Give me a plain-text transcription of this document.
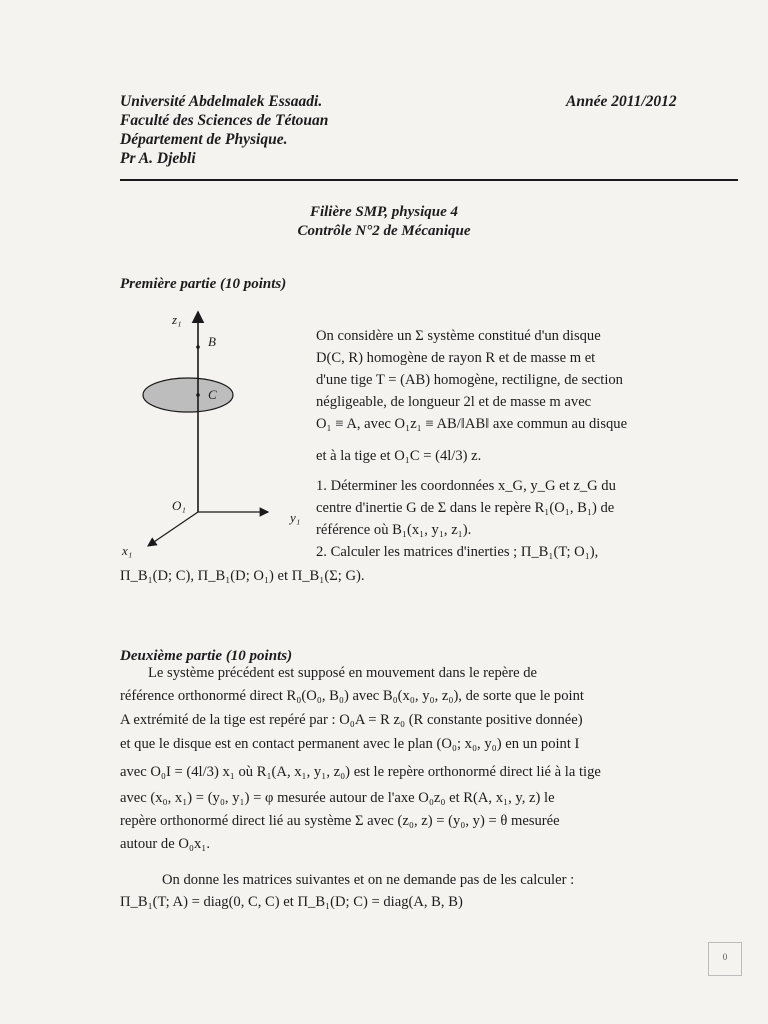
Université Abdelmalek Essaadi.
Faculté des Sciences de Tétouan
Département de Physique.
Pr A. Djebli
Année 2011/2012
Filière SMP, physique 4
Contrôle N°2 de Mécanique
Première partie (10 points)
z₁
B
C
O₁
y₁
x₁
On considère un Σ système constitué d'un disque
D(C, R) homogène de rayon R et de masse m et
d'une tige T = (AB) homogène, rectiligne, de section
négligeable, de longueur 2l et de masse m avec
O₁ ≡ A, avec O₁z₁ ≡ AB/‖AB‖ axe commun au disque
et à la tige et O₁C = (4l/3) z.
1. Déterminer les coordonnées x_G, y_G et z_G du
centre d'inertie G de Σ dans le repère R₁(O₁, B₁) de
référence où B₁(x₁, y₁, z₁).
2. Calculer les matrices d'inerties ; Π_B₁(T; O₁),
Π_B₁(D; C), Π_B₁(D; O₁) et Π_B₁(Σ; G).
Deuxième partie (10 points)
Le système précédent est supposé en mouvement dans le repère de
référence orthonormé direct R₀(O₀, B₀) avec B₀(x₀, y₀, z₀), de sorte que le point
A extrémité de la tige est repéré par : O₀A = R z₀ (R constante positive donnée)
et que le disque est en contact permanent avec le plan (O₀; x₀, y₀) en un point I
avec O₀I = (4l/3) x₁ où R₁(A, x₁, y₁, z₀) est le repère orthonormé direct lié à la tige
avec (x₀, x₁) = (y₀, y₁) = φ mesurée autour de l'axe O₀z₀ et R(A, x₁, y, z) le
repère orthonormé direct lié au système Σ avec (z₀, z) = (y₀, y) = θ mesurée
autour de O₀x₁.
On donne les matrices suivantes et on ne demande pas de les calculer :
Π_B₁(T; A) = diag(0, C, C) et Π_B₁(D; C) = diag(A, B, B)
0
